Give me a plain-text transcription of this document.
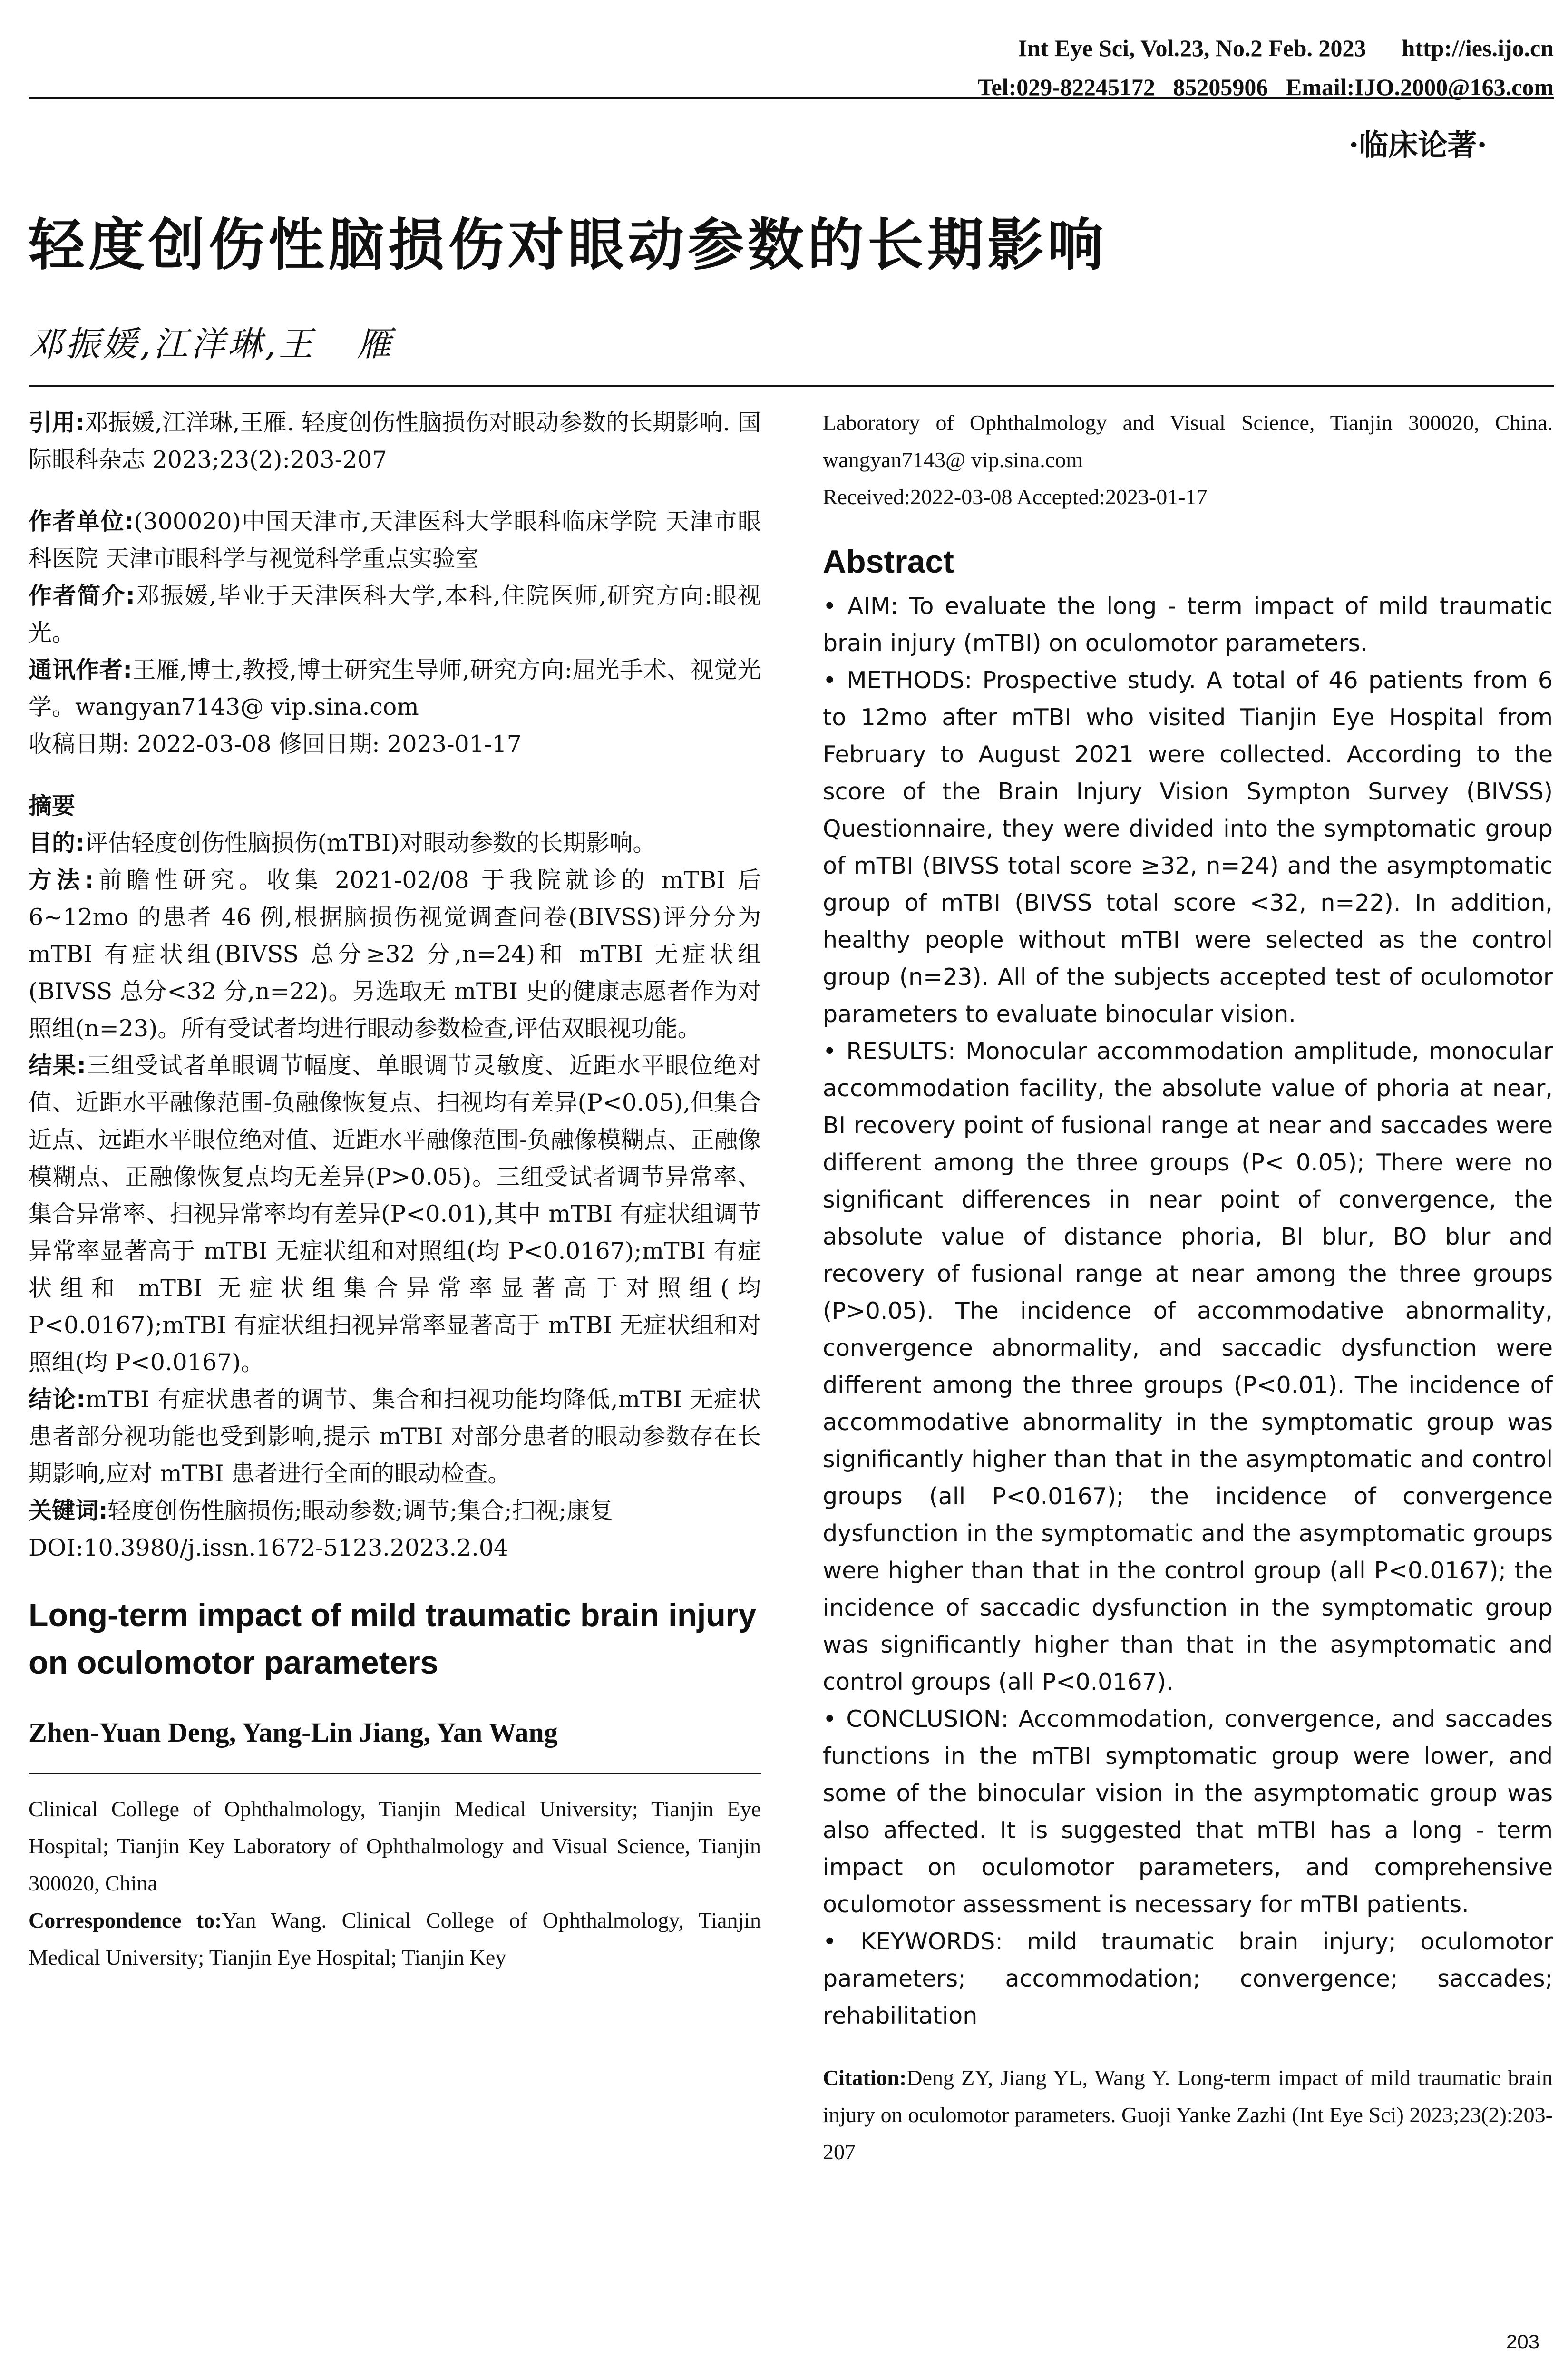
Int Eye Sci, Vol.23, No.2 Feb. 2023      http://ies.ijo.cn
Tel:029-82245172   85205906   Email:IJO.2000@163.com
·临床论著·
轻度创伤性脑损伤对眼动参数的长期影响
邓振媛,江洋琳,王   雁

引用:邓振媛,江洋琳,王雁. 轻度创伤性脑损伤对眼动参数的长期影响. 国际眼科杂志 2023;23(2):203-207

作者单位:(300020)中国天津市,天津医科大学眼科临床学院 天津市眼科医院 天津市眼科学与视觉科学重点实验室

作者简介:邓振媛,毕业于天津医科大学,本科,住院医师,研究方向:眼视光。

通讯作者:王雁,博士,教授,博士研究生导师,研究方向:屈光手术、视觉光学。wangyan7143@ vip.sina.com

收稿日期: 2022-03-08 修回日期: 2023-01-17

摘要

目的:评估轻度创伤性脑损伤(mTBI)对眼动参数的长期影响。

方法:前瞻性研究。收集 2021-02/08 于我院就诊的 mTBI 后 6~12mo 的患者 46 例,根据脑损伤视觉调查问卷(BIVSS)评分分为 mTBI 有症状组(BIVSS 总分≥32 分,n=24)和 mTBI 无症状组(BIVSS 总分<32 分,n=22)。另选取无 mTBI 史的健康志愿者作为对照组(n=23)。所有受试者均进行眼动参数检查,评估双眼视功能。

结果:三组受试者单眼调节幅度、单眼调节灵敏度、近距水平眼位绝对值、近距水平融像范围-负融像恢复点、扫视均有差异(P<0.05),但集合近点、远距水平眼位绝对值、近距水平融像范围-负融像模糊点、正融像模糊点、正融像恢复点均无差异(P>0.05)。三组受试者调节异常率、集合异常率、扫视异常率均有差异(P<0.01),其中 mTBI 有症状组调节异常率显著高于 mTBI 无症状组和对照组(均 P<0.0167);mTBI 有症状组和 mTBI 无症状组集合异常率显著高于对照组(均 P<0.0167);mTBI 有症状组扫视异常率显著高于 mTBI 无症状组和对照组(均 P<0.0167)。

结论:mTBI 有症状患者的调节、集合和扫视功能均降低,mTBI 无症状患者部分视功能也受到影响,提示 mTBI 对部分患者的眼动参数存在长期影响,应对 mTBI 患者进行全面的眼动检查。

关键词:轻度创伤性脑损伤;眼动参数;调节;集合;扫视;康复

DOI:10.3980/j.issn.1672-5123.2023.2.04

Long-term impact of mild traumatic brain injury on oculomotor parameters

Zhen-Yuan Deng, Yang-Lin Jiang, Yan Wang

Clinical College of Ophthalmology, Tianjin Medical University; Tianjin Eye Hospital; Tianjin Key Laboratory of Ophthalmology and Visual Science, Tianjin 300020, China

Correspondence to:Yan Wang. Clinical College of Ophthalmology, Tianjin Medical University; Tianjin Eye Hospital; Tianjin Key

Laboratory of Ophthalmology and Visual Science, Tianjin 300020, China. wangyan7143@ vip.sina.com

Received:2022-03-08 Accepted:2023-01-17

Abstract

• AIM: To evaluate the long - term impact of mild traumatic brain injury (mTBI) on oculomotor parameters.

• METHODS: Prospective study. A total of 46 patients from 6 to 12mo after mTBI who visited Tianjin Eye Hospital from February to August 2021 were collected. According to the score of the Brain Injury Vision Sympton Survey (BIVSS) Questionnaire, they were divided into the symptomatic group of mTBI (BIVSS total score ≥32, n=24) and the asymptomatic group of mTBI (BIVSS total score <32, n=22). In addition, healthy people without mTBI were selected as the control group (n=23). All of the subjects accepted test of oculomotor parameters to evaluate binocular vision.

• RESULTS: Monocular accommodation amplitude, monocular accommodation facility, the absolute value of phoria at near, BI recovery point of fusional range at near and saccades were different among the three groups (P< 0.05); There were no significant differences in near point of convergence, the absolute value of distance phoria, BI blur, BO blur and recovery of fusional range at near among the three groups (P>0.05). The incidence of accommodative abnormality, convergence abnormality, and saccadic dysfunction were different among the three groups (P<0.01). The incidence of accommodative abnormality in the symptomatic group was significantly higher than that in the asymptomatic and control groups (all P<0.0167); the incidence of convergence dysfunction in the symptomatic and the asymptomatic groups were higher than that in the control group (all P<0.0167); the incidence of saccadic dysfunction in the symptomatic group was significantly higher than that in the asymptomatic and control groups (all P<0.0167).

• CONCLUSION: Accommodation, convergence, and saccades functions in the mTBI symptomatic group were lower, and some of the binocular vision in the asymptomatic group was also affected. It is suggested that mTBI has a long - term impact on oculomotor parameters, and comprehensive oculomotor assessment is necessary for mTBI patients.

• KEYWORDS: mild traumatic brain injury; oculomotor parameters; accommodation; convergence; saccades; rehabilitation

Citation:Deng ZY, Jiang YL, Wang Y. Long-term impact of mild traumatic brain injury on oculomotor parameters. Guoji Yanke Zazhi (Int Eye Sci) 2023;23(2):203-207

203
